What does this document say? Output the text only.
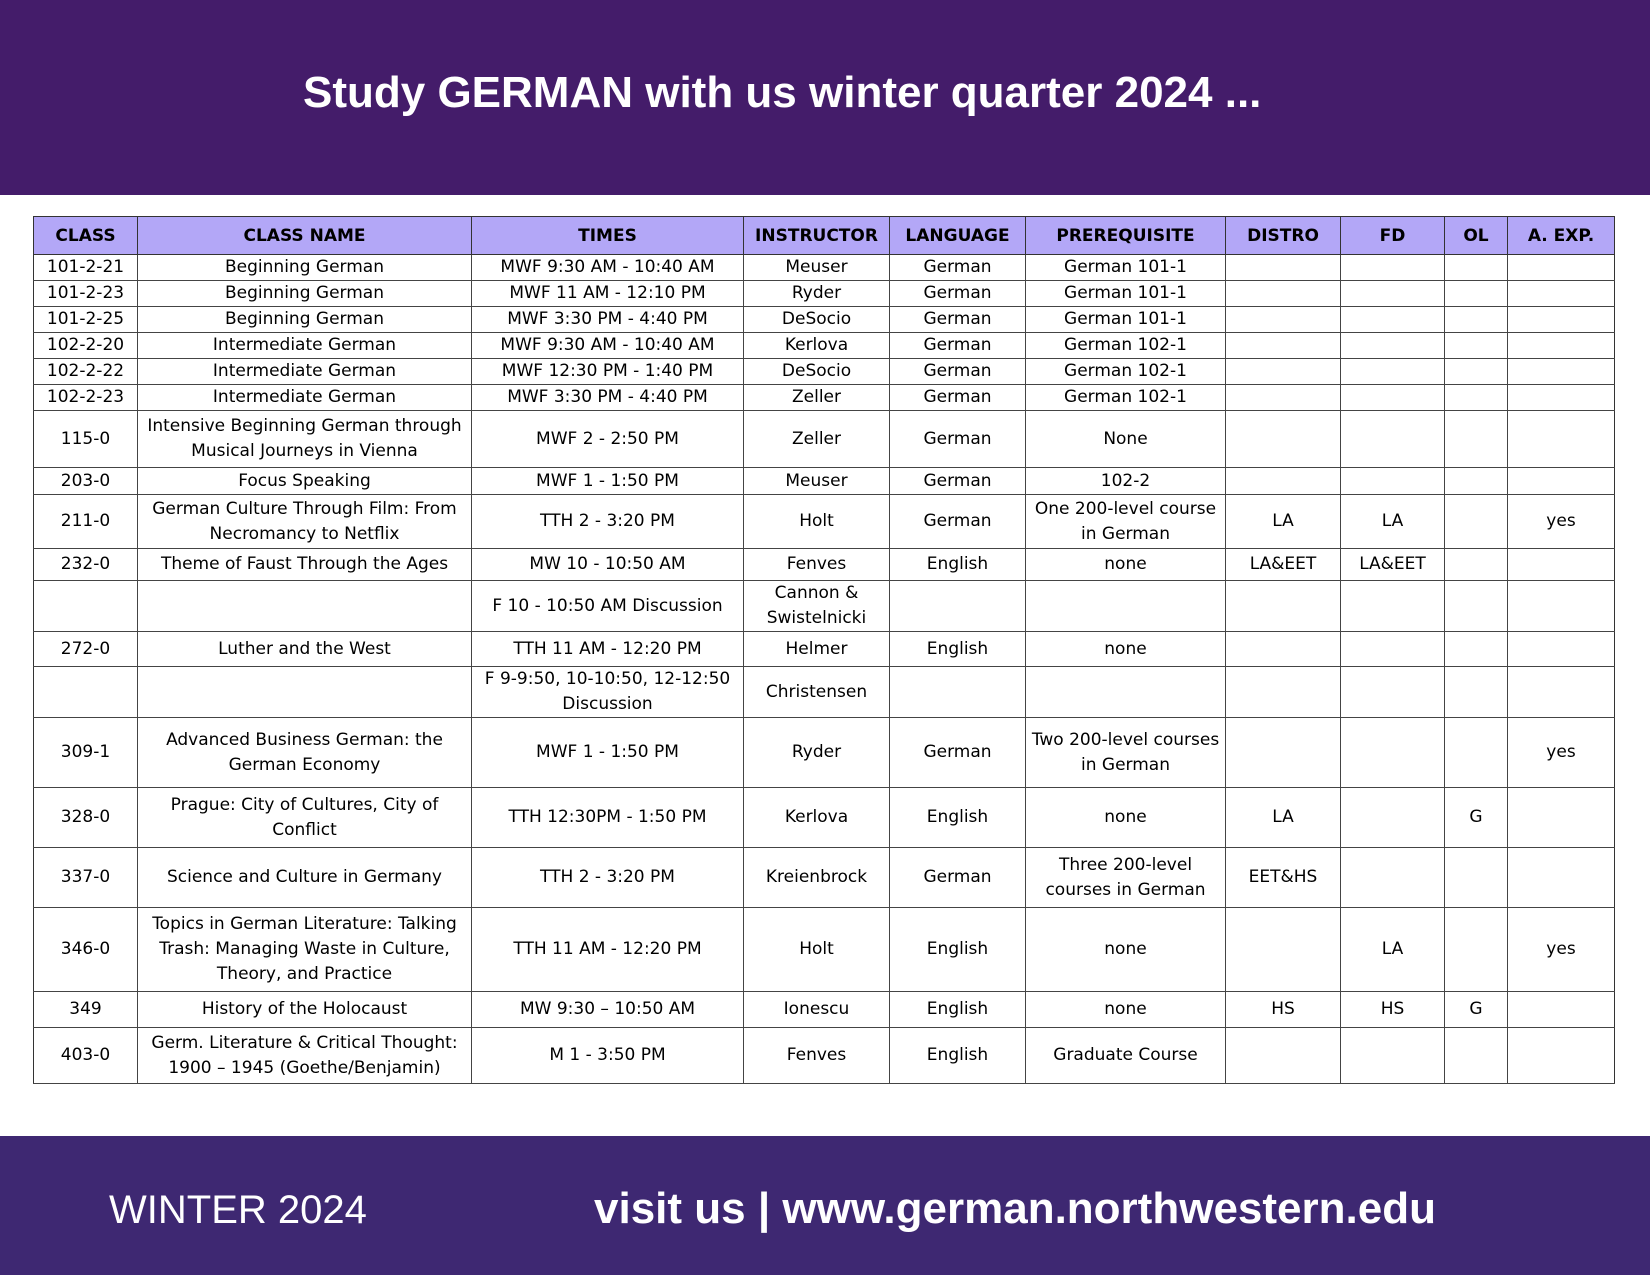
Study GERMAN with us winter quarter 2024 ...
CLASS	CLASS NAME	TIMES	INSTRUCTOR	LANGUAGE	PREREQUISITE	DISTRO	FD	OL	A. EXP.
101-2-21	Beginning German	MWF 9:30 AM - 10:40 AM	Meuser	German	German 101-1				
101-2-23	Beginning German	MWF 11 AM - 12:10 PM	Ryder	German	German 101-1				
101-2-25	Beginning German	MWF 3:30 PM - 4:40 PM	DeSocio	German	German 101-1				
102-2-20	Intermediate German	MWF 9:30 AM - 10:40 AM	Kerlova	German	German 102-1				
102-2-22	Intermediate German	MWF 12:30 PM - 1:40 PM	DeSocio	German	German 102-1				
102-2-23	Intermediate German	MWF 3:30 PM - 4:40 PM	Zeller	German	German 102-1				
115-0	Intensive Beginning German through Musical Journeys in Vienna	MWF 2 - 2:50 PM	Zeller	German	None				
203-0	Focus Speaking	MWF 1 - 1:50 PM	Meuser	German	102-2				
211-0	German Culture Through Film: From Necromancy to Netflix	TTH 2 - 3:20 PM	Holt	German	One 200-level course in German	LA	LA		yes
232-0	Theme of Faust Through the Ages	MW 10 - 10:50 AM	Fenves	English	none	LA&EET	LA&EET		
		F 10 - 10:50 AM Discussion	Cannon & Swistelnicki						
272-0	Luther and the West	TTH 11 AM - 12:20 PM	Helmer	English	none				
		F 9-9:50, 10-10:50, 12-12:50 Discussion	Christensen						
309-1	Advanced Business German: the German Economy	MWF 1 - 1:50 PM	Ryder	German	Two 200-level courses in German				yes
328-0	Prague: City of Cultures, City of Conflict	TTH 12:30PM - 1:50 PM	Kerlova	English	none	LA		G	
337-0	Science and Culture in Germany	TTH 2 - 3:20 PM	Kreienbrock	German	Three 200-level courses in German	EET&HS			
346-0	Topics in German Literature: Talking Trash: Managing Waste in Culture, Theory, and Practice	TTH 11 AM - 12:20 PM	Holt	English	none		LA		yes
349	History of the Holocaust	MW 9:30 – 10:50 AM	Ionescu	English	none	HS	HS	G	
403-0	Germ. Literature & Critical Thought: 1900 – 1945 (Goethe/Benjamin)	M 1 - 3:50 PM	Fenves	English	Graduate Course				
WINTER 2024	visit us | www.german.northwestern.edu
